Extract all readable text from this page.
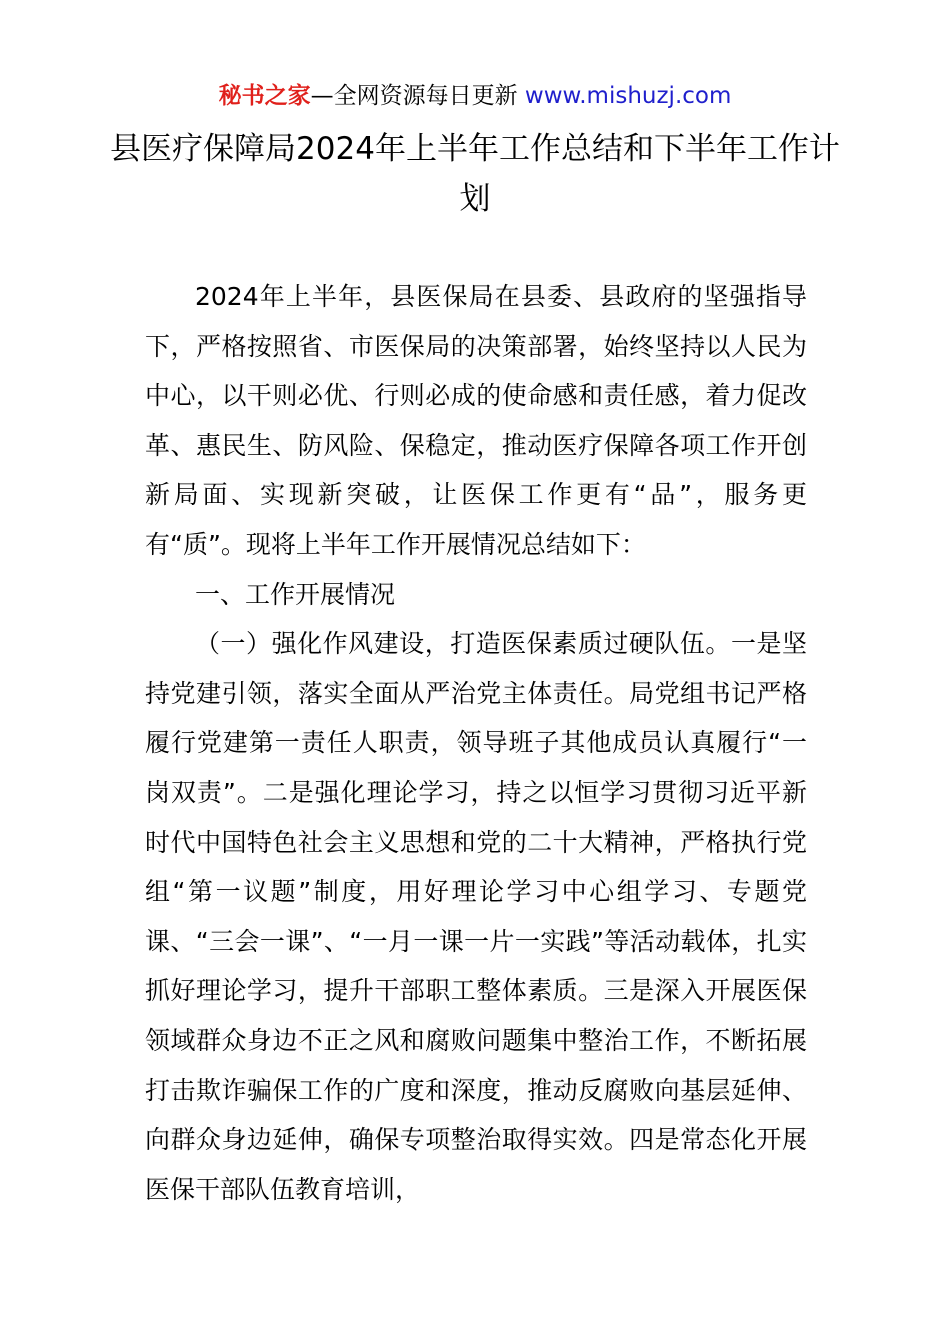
秘书之家—全网资源每日更新 www.mishuzj.com
县医疗保障局2024年上半年工作总结和下半年工作计划

2024年上半年，县医保局在县委、县政府的坚强指导下，严格按照省、市医保局的决策部署，始终坚持以人民为中心，以干则必优、行则必成的使命感和责任感，着力促改革、惠民生、防风险、保稳定，推动医疗保障各项工作开创新局面、实现新突破，让医保工作更有“品”，服务更有“质”。现将上半年工作开展情况总结如下：

一、工作开展情况

（一）强化作风建设，打造医保素质过硬队伍。一是坚持党建引领，落实全面从严治党主体责任。局党组书记严格履行党建第一责任人职责，领导班子其他成员认真履行“一岗双责”。二是强化理论学习，持之以恒学习贯彻习近平新时代中国特色社会主义思想和党的二十大精神，严格执行党组“第一议题”制度，用好理论学习中心组学习、专题党课、“三会一课”、“一月一课一片一实践”等活动载体，扎实抓好理论学习，提升干部职工整体素质。三是深入开展医保领域群众身边不正之风和腐败问题集中整治工作，不断拓展打击欺诈骗保工作的广度和深度，推动反腐败向基层延伸、向群众身边延伸，确保专项整治取得实效。四是常态化开展医保干部队伍教育培训，
